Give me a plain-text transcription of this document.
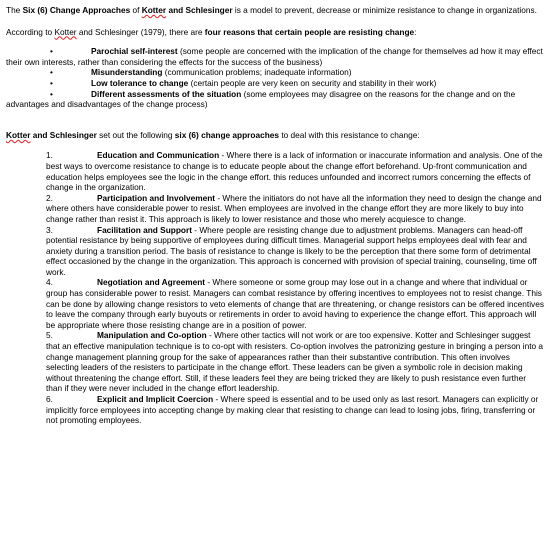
The Six (6) Change Approaches of Kotter and Schlesinger is a model to prevent, decrease or minimize resistance to change in organizations.

According to Kotter and Schlesinger (1979), there are four reasons that certain people are resisting change:

•	Parochial self-interest (some people are concerned with the implication of the change for themselves ad how it may effect their own interests, rather than considering the effects for the success of the business)
•	Misunderstanding (communication problems; inadequate information)
•	Low tolerance to change (certain people are very keen on security and stability in their work)
•	Different assessments of the situation (some employees may disagree on the reasons for the change and on the advantages and disadvantages of the change process)

Kotter and Schlesinger set out the following six (6) change approaches to deal with this resistance to change:

1.	Education and Communication - Where there is a lack of information or inaccurate information and analysis. One of the best ways to overcome resistance to change is to educate people about the change effort beforehand. Up-front communication and education helps employees see the logic in the change effort. this reduces unfounded and incorrect rumors concerning the effects of change in the organization.
2.	Participation and Involvement - Where the initiators do not have all the information they need to design the change and where others have considerable power to resist. When employees are involved in the change effort they are more likely to buy into change rather than resist it. This approach is likely to lower resistance and those who merely acquiesce to change.
3.	Facilitation and Support - Where people are resisting change due to adjustment problems. Managers can head-off potential resistance by being supportive of employees during difficult times. Managerial support helps employees deal with fear and anxiety during a transition period. The basis of resistance to change is likely to be the perception that there some form of detrimental effect occasioned by the change in the organization. This approach is concerned with provision of special training, counseling, time off work.
4.	Negotiation and Agreement - Where someone or some group may lose out in a change and where that individual or group has considerable power to resist. Managers can combat resistance by offering incentives to employees not to resist change. This can be done by allowing change resistors to veto elements of change that are threatening, or change resistors can be offered incentives to leave the company through early buyouts or retirements in order to avoid having to experience the change effort. This approach will be appropriate where those resisting change are in a position of power.
5.	Manipulation and Co-option - Where other tactics will not work or are too expensive. Kotter and Schlesinger suggest that an effective manipulation technique is to co-opt with resisters. Co-option involves the patronizing gesture in bringing a person into a change management planning group for the sake of appearances rather than their substantive contribution. This often involves selecting leaders of the resisters to participate in the change effort. These leaders can be given a symbolic role in decision making without threatening the change effort. Still, if these leaders feel they are being tricked they are likely to push resistance even further than if they were never included in the change effort leadership.
6.	Explicit and Implicit Coercion - Where speed is essential and to be used only as last resort. Managers can explicitly or implicitly force employees into accepting change by making clear that resisting to change can lead to losing jobs, firing, transferring or not promoting employees.
